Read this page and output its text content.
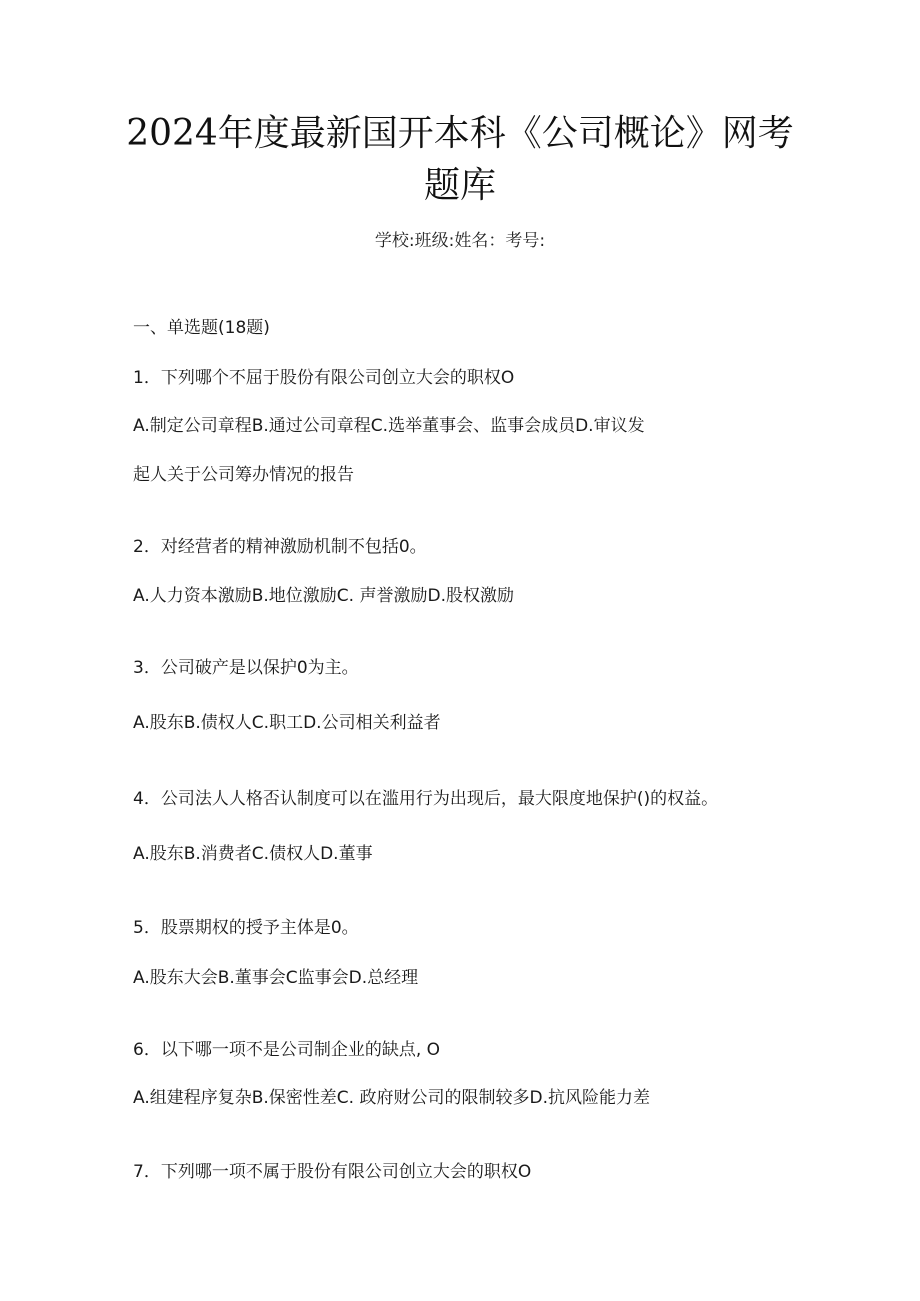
2024年度最新国开本科《公司概论》网考题库
学校:班级:姓名：考号:
一、单选题(18题)
1．下列哪个不屈于股份有限公司创立大会的职权O
A.制定公司章程B.通过公司章程C.选举董事会、监事会成员D.审议发
起人关于公司筹办情况的报告
2．对经营者的精神激励机制不包括0。
A.人力资本激励B.地位激励C. 声誉激励D.股权激励
3．公司破产是以保护0为主。
A.股东B.债权人C.职工D.公司相关利益者
4．公司法人人格否认制度可以在滥用行为出现后，最大限度地保护()的权益。
A.股东B.消费者C.债权人D.董事
5．股票期权的授予主体是0。
A.股东大会B.董事会C监事会D.总经理
6．以下哪一项不是公司制企业的缺点, O
A.组建程序复杂B.保密性差C. 政府财公司的限制较多D.抗风险能力差
7．下列哪一项不属于股份有限公司创立大会的职权O
